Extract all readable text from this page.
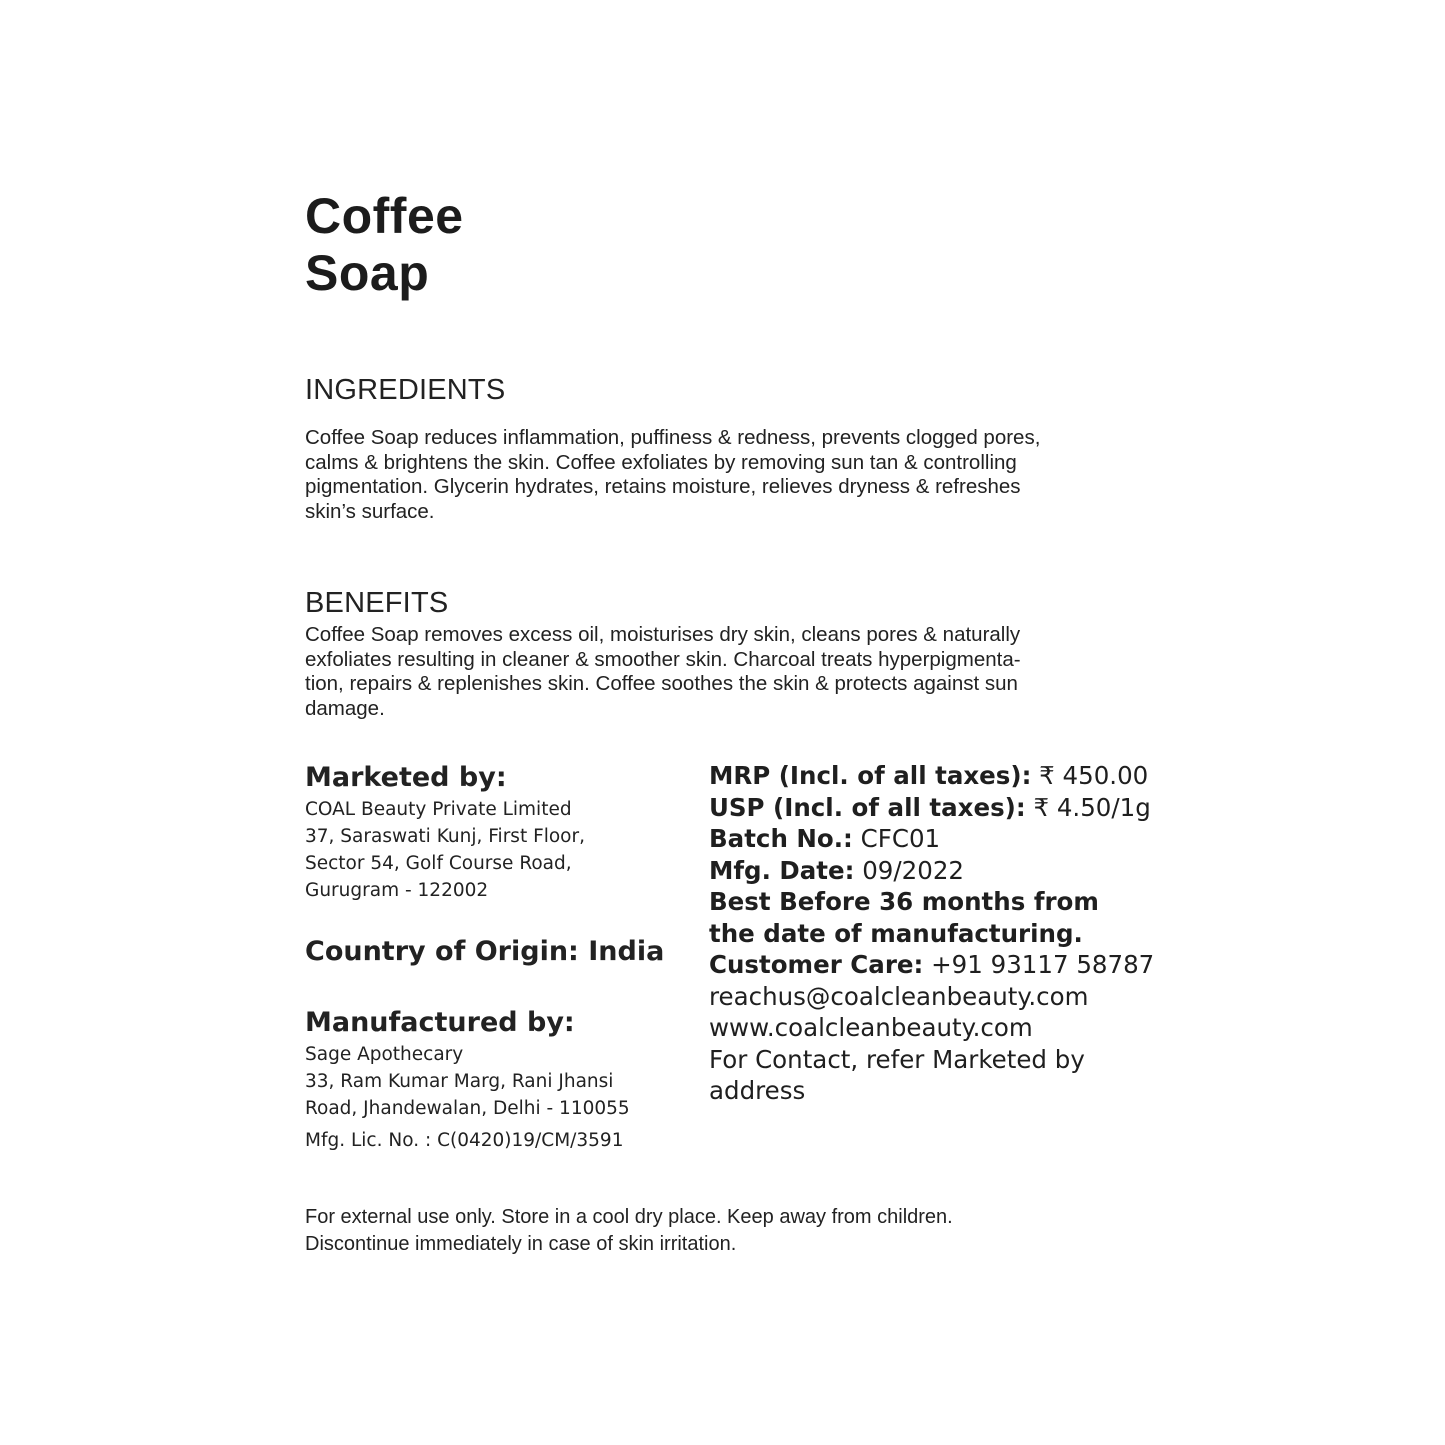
Coffee
Soap
INGREDIENTS

Coffee Soap reduces inflammation, puffiness & redness, prevents clogged pores,
calms & brightens the skin. Coffee exfoliates by removing sun tan & controlling
pigmentation. Glycerin hydrates, retains moisture, relieves dryness & refreshes
skin’s surface.

BENEFITS

Coffee Soap removes excess oil, moisturises dry skin, cleans pores & naturally
exfoliates resulting in cleaner & smoother skin. Charcoal treats hyperpigmenta-
tion, repairs & replenishes skin. Coffee soothes the skin & protects against sun
damage.

Marketed by:
COAL Beauty Private Limited
37, Saraswati Kunj, First Floor,
Sector 54, Golf Course Road,
Gurugram - 122002
Country of Origin: India
Manufactured by:
Sage Apothecary
33, Ram Kumar Marg, Rani Jhansi
Road, Jhandewalan, Delhi - 110055
Mfg. Lic. No. : C(0420)19/CM/3591
MRP (Incl. of all taxes): ₹ 450.00
USP (Incl. of all taxes): ₹ 4.50/1g
Batch No.: CFC01
Mfg. Date: 09/2022
Best Before 36 months from
the date of manufacturing.
Customer Care: +91 93117 58787
reachus@coalcleanbeauty.com
www.coalcleanbeauty.com
For Contact, refer Marketed by
address

For external use only. Store in a cool dry place. Keep away from children.
Discontinue immediately in case of skin irritation.
